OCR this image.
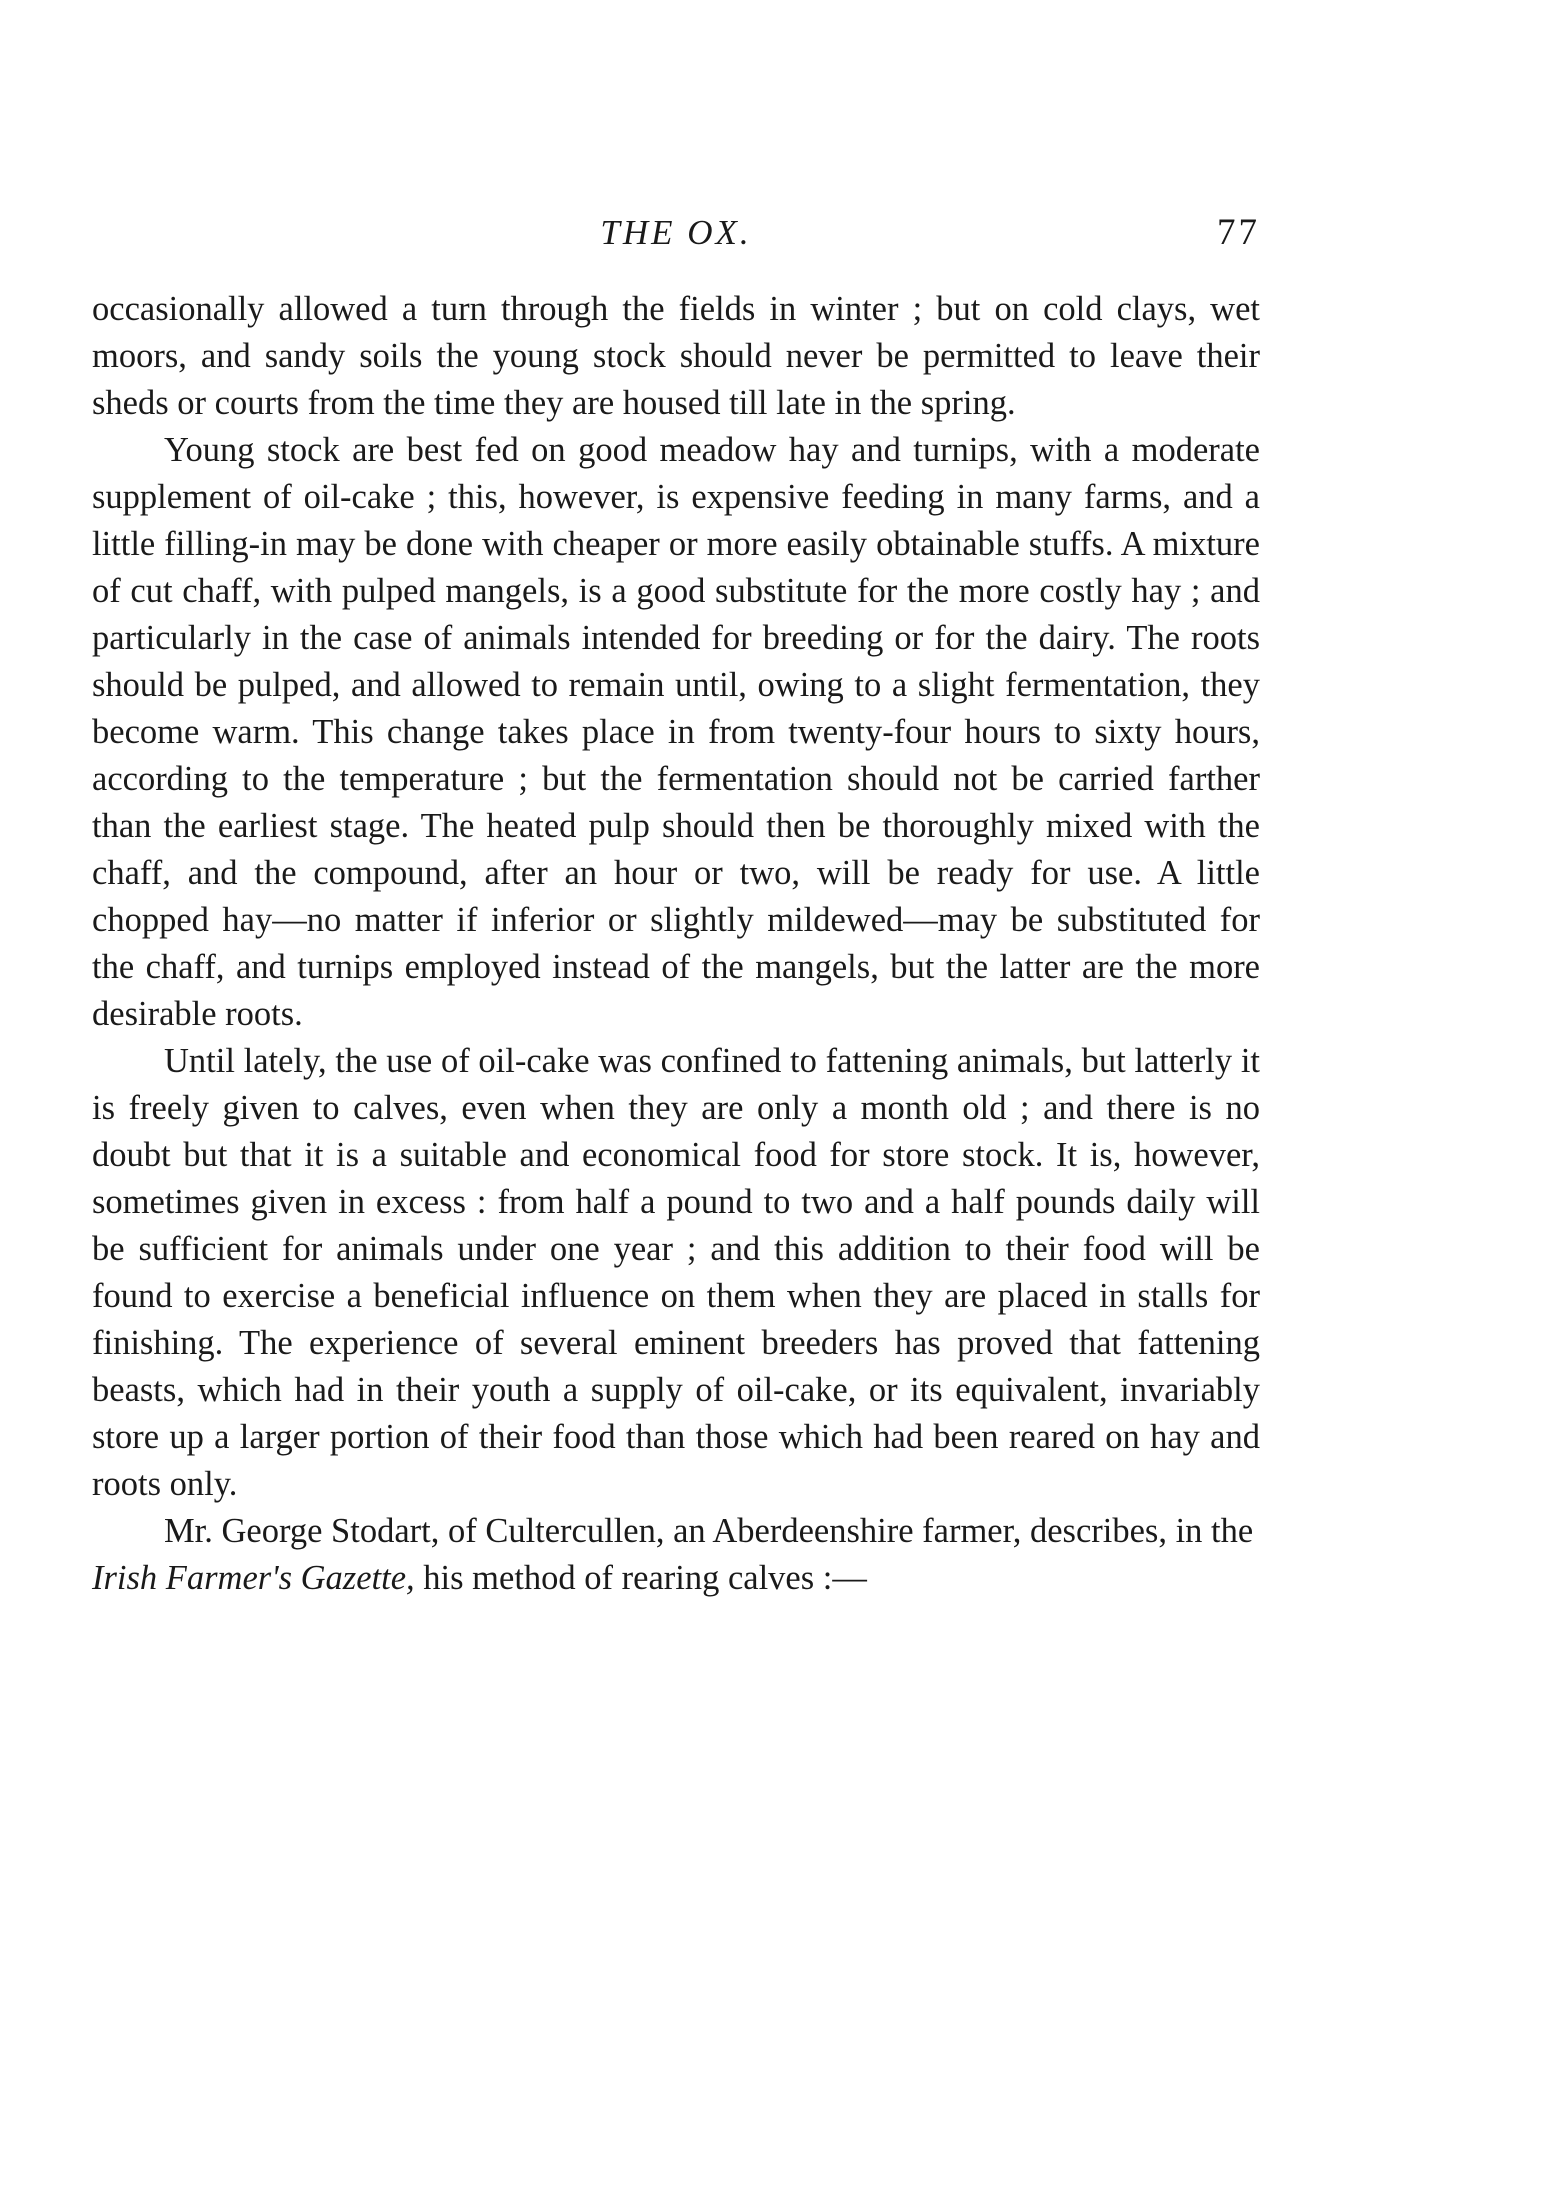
THE OX.	77

occasionally allowed a turn through the fields in winter ; but on cold clays, wet moors, and sandy soils the young stock should never be permitted to leave their sheds or courts from the time they are housed till late in the spring.

Young stock are best fed on good meadow hay and turnips, with a moderate supplement of oil-cake ; this, however, is expensive feeding in many farms, and a little filling-in may be done with cheaper or more easily obtainable stuffs. A mixture of cut chaff, with pulped mangels, is a good substitute for the more costly hay ; and particularly in the case of animals intended for breeding or for the dairy. The roots should be pulped, and allowed to remain until, owing to a slight fermentation, they become warm. This change takes place in from twenty-four hours to sixty hours, according to the temperature ; but the fermentation should not be carried farther than the earliest stage. The heated pulp should then be thoroughly mixed with the chaff, and the compound, after an hour or two, will be ready for use. A little chopped hay—no matter if inferior or slightly mildewed—may be substituted for the chaff, and turnips employed instead of the mangels, but the latter are the more desirable roots.

Until lately, the use of oil-cake was confined to fattening animals, but latterly it is freely given to calves, even when they are only a month old ; and there is no doubt but that it is a suitable and economical food for store stock. It is, however, sometimes given in excess : from half a pound to two and a half pounds daily will be sufficient for animals under one year ; and this addition to their food will be found to exercise a beneficial influence on them when they are placed in stalls for finishing. The experience of several eminent breeders has proved that fattening beasts, which had in their youth a supply of oil-cake, or its equivalent, invariably store up a larger portion of their food than those which had been reared on hay and roots only.

Mr. George Stodart, of Cultercullen, an Aberdeenshire farmer, describes, in the Irish Farmer's Gazette, his method of rearing calves :—
